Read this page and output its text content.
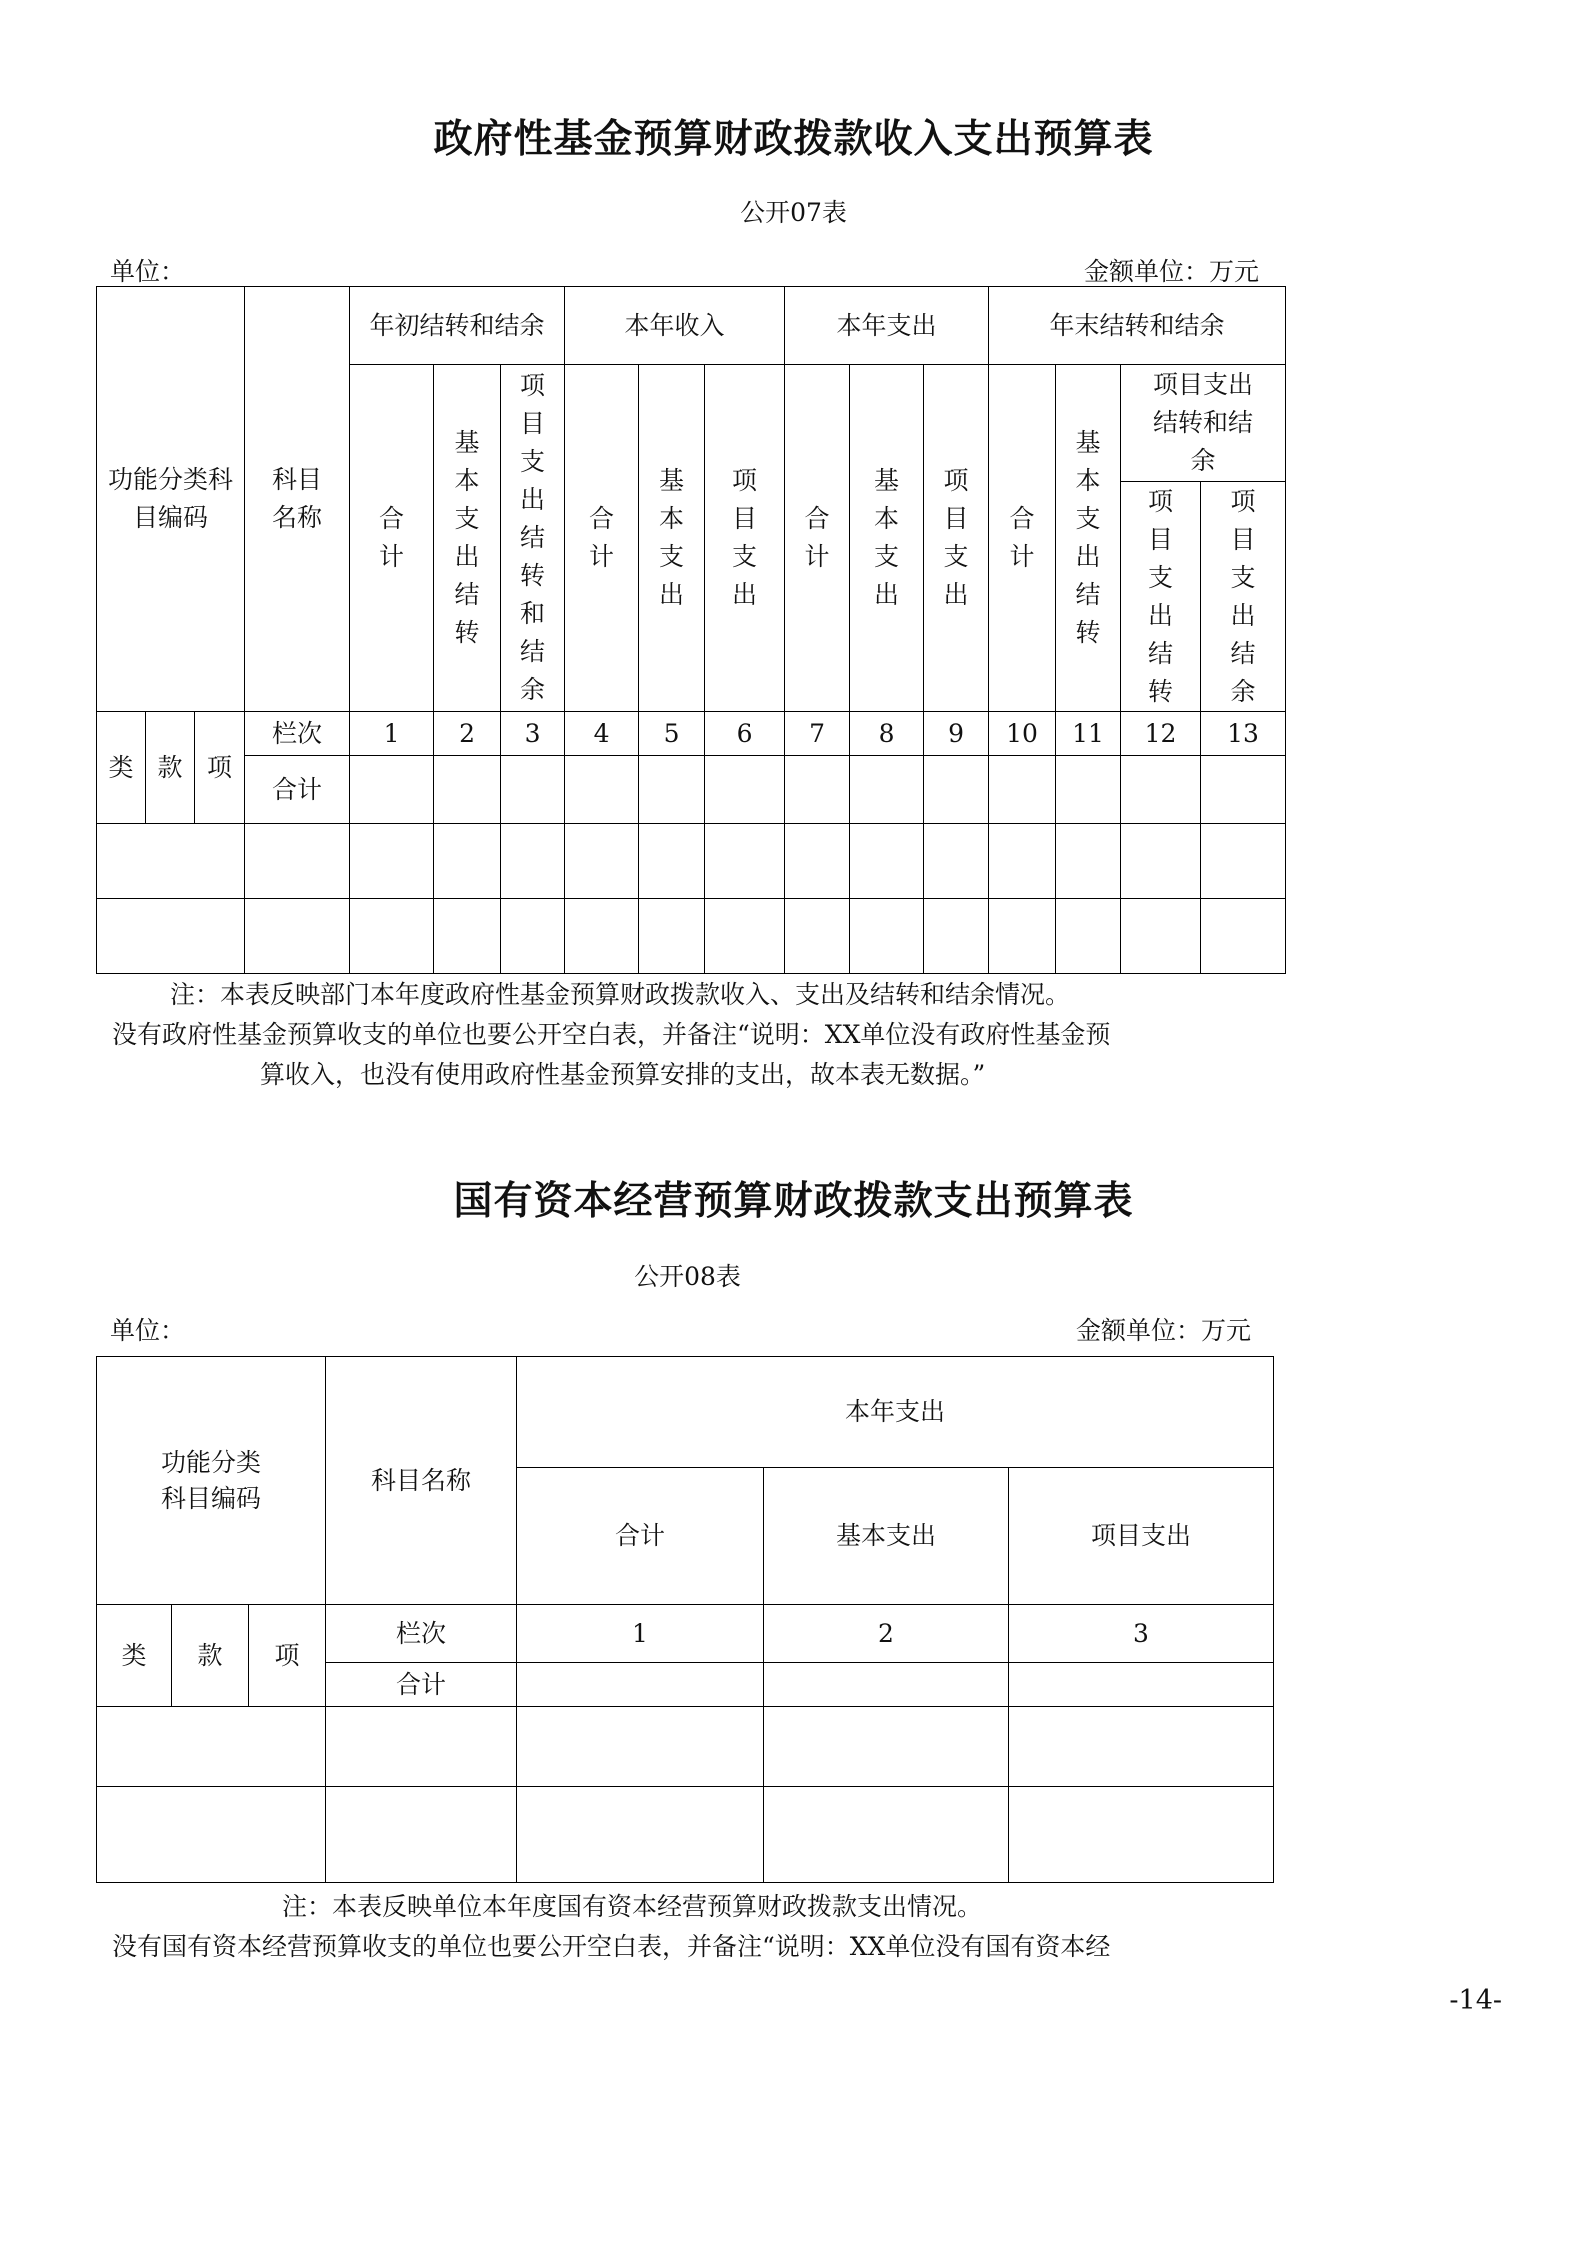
政府性基金预算财政拨款收入支出预算表
公开07表
单位：	金额单位：万元
功能分类科目编码			科目名称	年初结转和结余			本年收入			本年支出			年末结转和结余			
				合计	基本支出结转	项目支出结转和结余	合计	基本支出	项目支出	合计	基本支出	项目支出	合计	基本支出结转	项目支出结转和结余	
															项目支出结转	项目支出结余
类	款	项	栏次	1	2	3	4	5	6	7	8	9	10	11	12	13
			合计													

注：本表反映部门本年度政府性基金预算财政拨款收入、支出及结转和结余情况。
没有政府性基金预算收支的单位也要公开空白表，并备注“说明：XX单位没有政府性基金预
算收入，也没有使用政府性基金预算安排的支出，故本表无数据。”
国有资本经营预算财政拨款支出预算表
公开08表
单位：	金额单位：万元
功能分类
科目编码			科目名称	本年支出		
				合计	基本支出	项目支出
类	款	项	栏次	1	2	3
			合计			

注：本表反映单位本年度国有资本经营预算财政拨款支出情况。
没有国有资本经营预算收支的单位也要公开空白表，并备注“说明：XX单位没有国有资本经
-14-
